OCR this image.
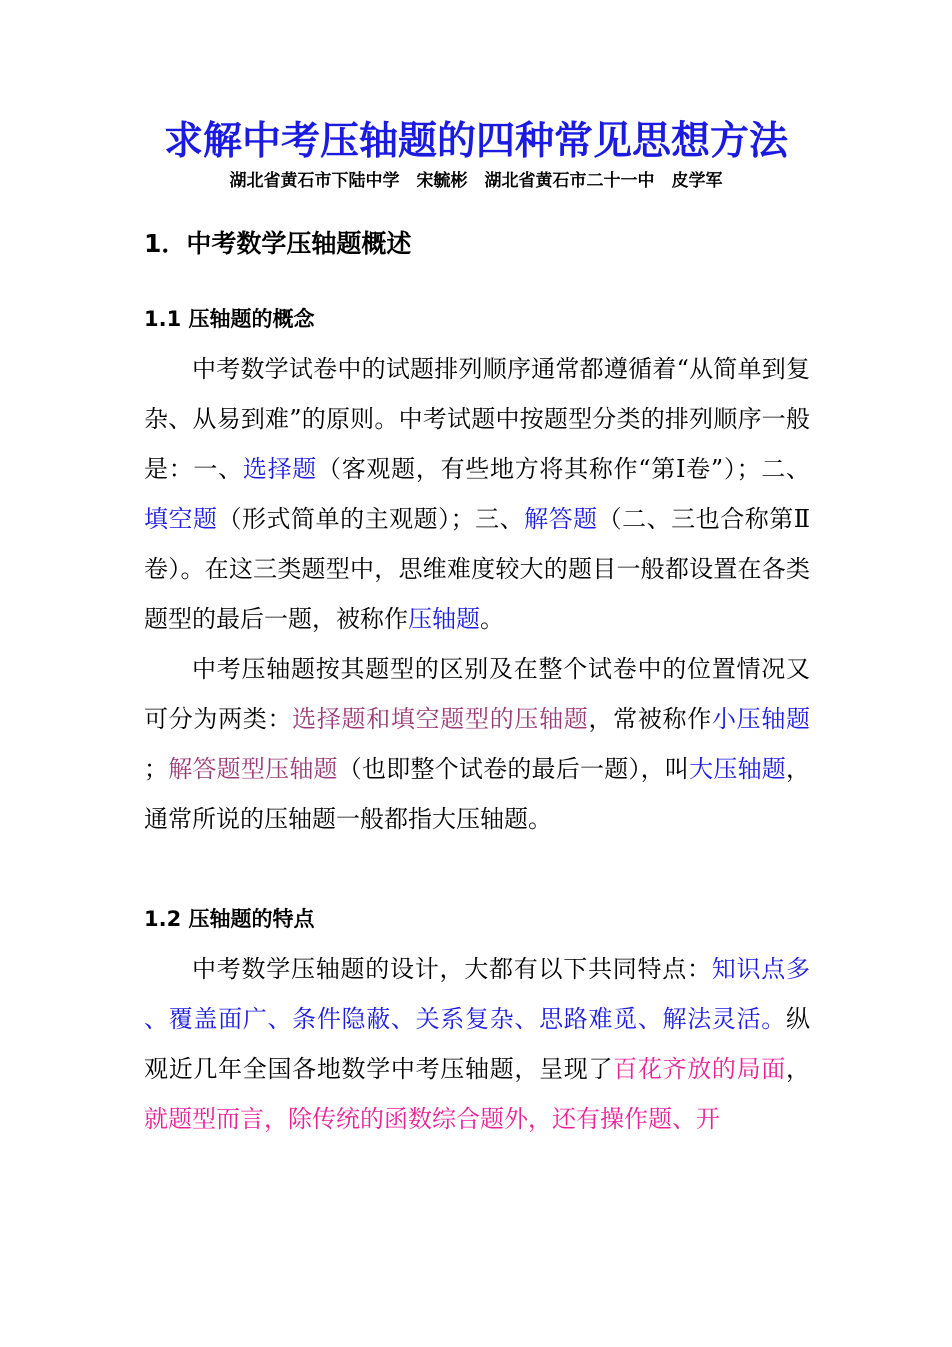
求解中考压轴题的四种常见思想方法
湖北省黄石市下陆中学　宋毓彬　湖北省黄石市二十一中　皮学军
1．中考数学压轴题概述
1.1 压轴题的概念

中考数学试卷中的试题排列顺序通常都遵循着“从简单到复杂、从易到难”的原则。中考试题中按题型分类的排列顺序一般是：一、选择题（客观题，有些地方将其称作“第Ⅰ卷”）；二、填空题（形式简单的主观题）；三、解答题（二、三也合称第Ⅱ卷）。在这三类题型中，思维难度较大的题目一般都设置在各类题型的最后一题，被称作压轴题。

中考压轴题按其题型的区别及在整个试卷中的位置情况又可分为两类：选择题和填空题型的压轴题，常被称作小压轴题；解答题型压轴题（也即整个试卷的最后一题），叫大压轴题，通常所说的压轴题一般都指大压轴题。

1.2 压轴题的特点

中考数学压轴题的设计，大都有以下共同特点：知识点多、覆盖面广、条件隐蔽、关系复杂、思路难觅、解法灵活。纵观近几年全国各地数学中考压轴题，呈现了百花齐放的局面，就题型而言，除传统的函数综合题外，还有操作题、开
